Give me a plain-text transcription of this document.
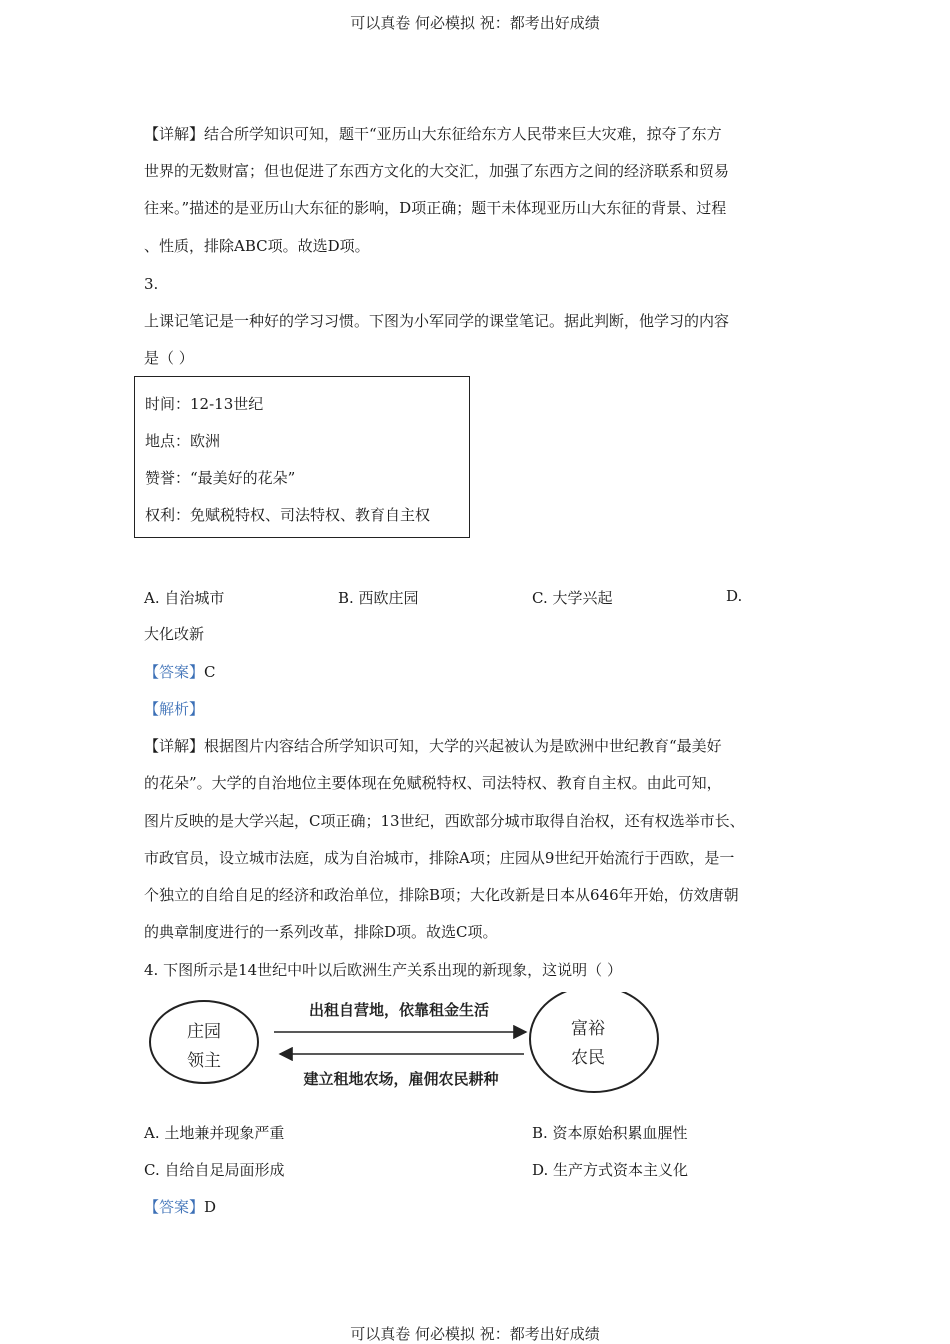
可以真卷 何必模拟 祝：都考出好成绩
【详解】结合所学知识可知，题干“亚历山大东征给东方人民带来巨大灾难，掠夺了东方
世界的无数财富；但也促进了东西方文化的大交汇，加强了东西方之间的经济联系和贸易
往来。”描述的是亚历山大东征的影响，D项正确；题干未体现亚历山大东征的背景、过程
、性质，排除ABC项。故选D项。
3.
上课记笔记是一种好的学习习惯。下图为小军同学的课堂笔记。据此判断，他学习的内容
是（ ）
时间：12-13世纪
地点：欧洲
赞誉：“最美好的花朵”
权利：免赋税特权、司法特权、教育自主权
A. 自治城市	B. 西欧庄园	C. 大学兴起	D.
大化改新
【答案】C
【解析】
【详解】根据图片内容结合所学知识可知，大学的兴起被认为是欧洲中世纪教育“最美好
的花朵”。大学的自治地位主要体现在免赋税特权、司法特权、教育自主权。由此可知，
图片反映的是大学兴起，C项正确；13世纪，西欧部分城市取得自治权，还有权选举市长、
市政官员，设立城市法庭，成为自治城市，排除A项；庄园从9世纪开始流行于西欧，是一
个独立的自给自足的经济和政治单位，排除B项；大化改新是日本从646年开始，仿效唐朝
的典章制度进行的一系列改革，排除D项。故选C项。
4. 下图所示是14世纪中叶以后欧洲生产关系出现的新现象，这说明（ ）
庄园
领主
富裕
农民
出租自营地，依靠租金生活
建立租地农场，雇佣农民耕种
A. 土地兼并现象严重	B. 资本原始积累血腥性
C. 自给自足局面形成	D. 生产方式资本主义化
【答案】D
可以真卷 何必模拟 祝：都考出好成绩
